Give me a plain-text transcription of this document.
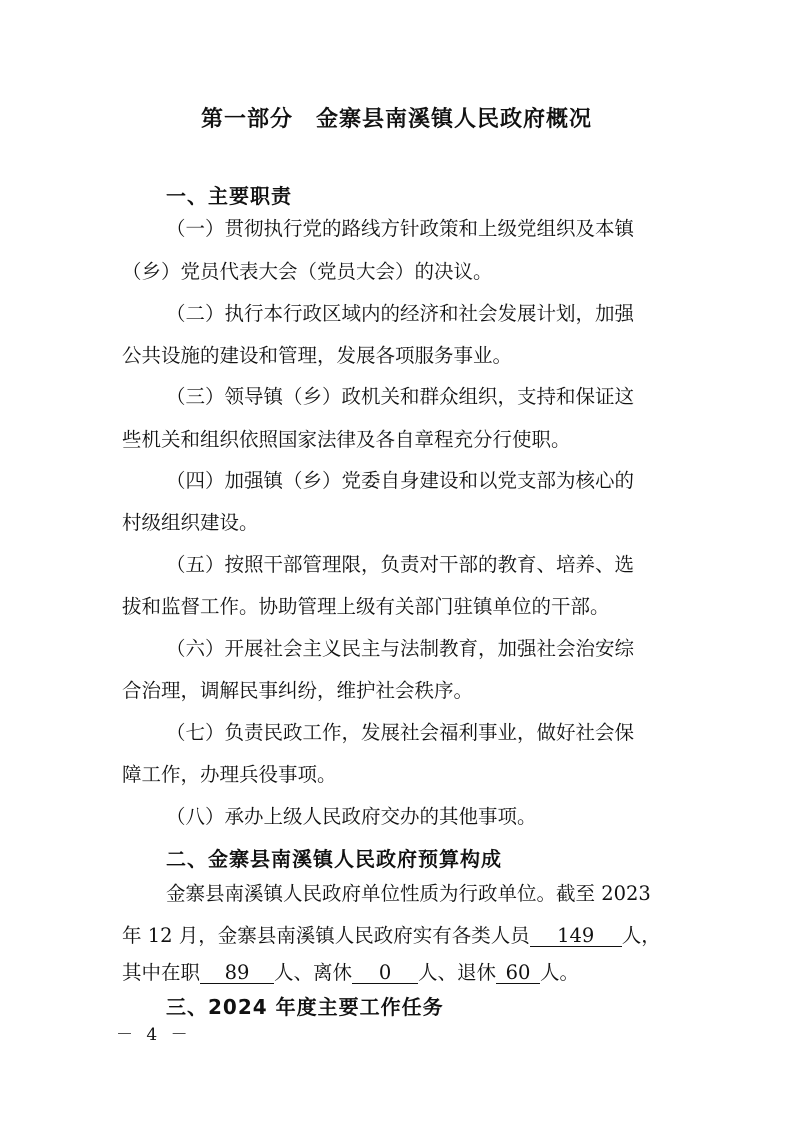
第一部分　金寨县南溪镇人民政府概况
一、主要职责
（一）贯彻执行党的路线方针政策和上级党组织及本镇
（乡）党员代表大会（党员大会）的决议。
（二）执行本行政区域内的经济和社会发展计划，加强
公共设施的建设和管理，发展各项服务事业。
（三）领导镇（乡）政机关和群众组织，支持和保证这
些机关和组织依照国家法律及各自章程充分行使职。
（四）加强镇（乡）党委自身建设和以党支部为核心的
村级组织建设。
（五）按照干部管理限，负责对干部的教育、培养、选
拔和监督工作。协助管理上级有关部门驻镇单位的干部。
（六）开展社会主义民主与法制教育，加强社会治安综
合治理，调解民事纠纷，维护社会秩序。
（七）负责民政工作，发展社会福利事业，做好社会保
障工作，办理兵役事项。
（八）承办上级人民政府交办的其他事项。
二、金寨县南溪镇人民政府预算构成
金寨县南溪镇人民政府单位性质为行政单位。截至 2023
年 12 月，金寨县南溪镇人民政府实有各类人员 149 人，
其中在职 89 人、离休 0 人、退休 60 人。
三、2024 年度主要工作任务
－ 4 －
